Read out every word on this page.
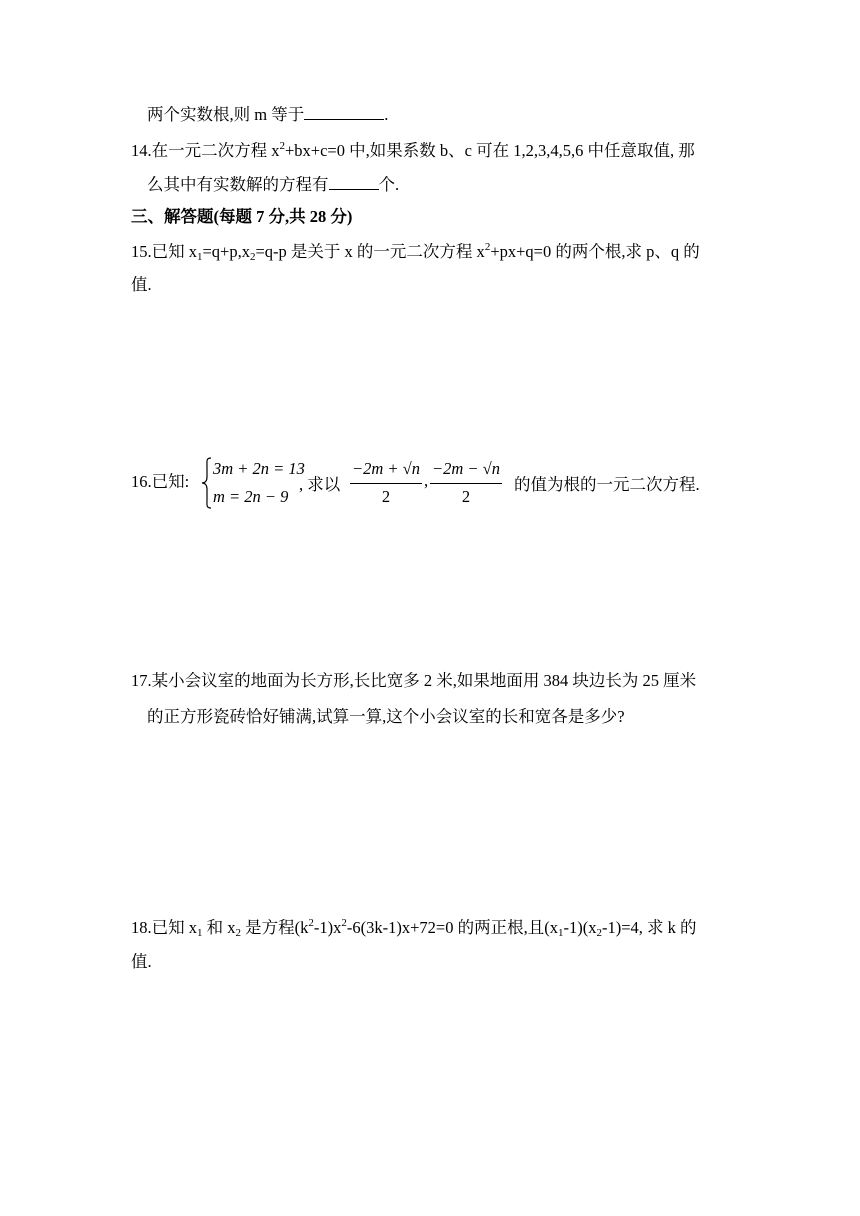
两个实数根,则 m 等于	.
14.在一元二次方程 $x^2+bx+c=0$ 中,如果系数 b、c 可在 1,2,3,4,5,6 中任意取值, 那
么其中有实数解的方程有	个.
三、解答题(每题 7 分,共 28 分)
15.已知 $x_1=q+p,x_2=q-p$ 是关于 x 的一元二次方程 $x^2+px+q=0$ 的两个根,求 p、q 的
值.
16.已知:
3m + 2n = 13
m = 2n − 9
, 求以
−2m + √n
2
,
−2m − √n
2
的值为根的一元二次方程.
17.某小会议室的地面为长方形,长比宽多 2 米,如果地面用 384 块边长为 25 厘米
的正方形瓷砖恰好铺满,试算一算,这个小会议室的长和宽各是多少?
18.已知 $x_1$ 和 $x_2$ 是方程$(k^2-1)x^2-6(3k-1)x+72=0$ 的两正根,且$(x_1-1)(x_2-1)=4$, 求 k 的
值.
